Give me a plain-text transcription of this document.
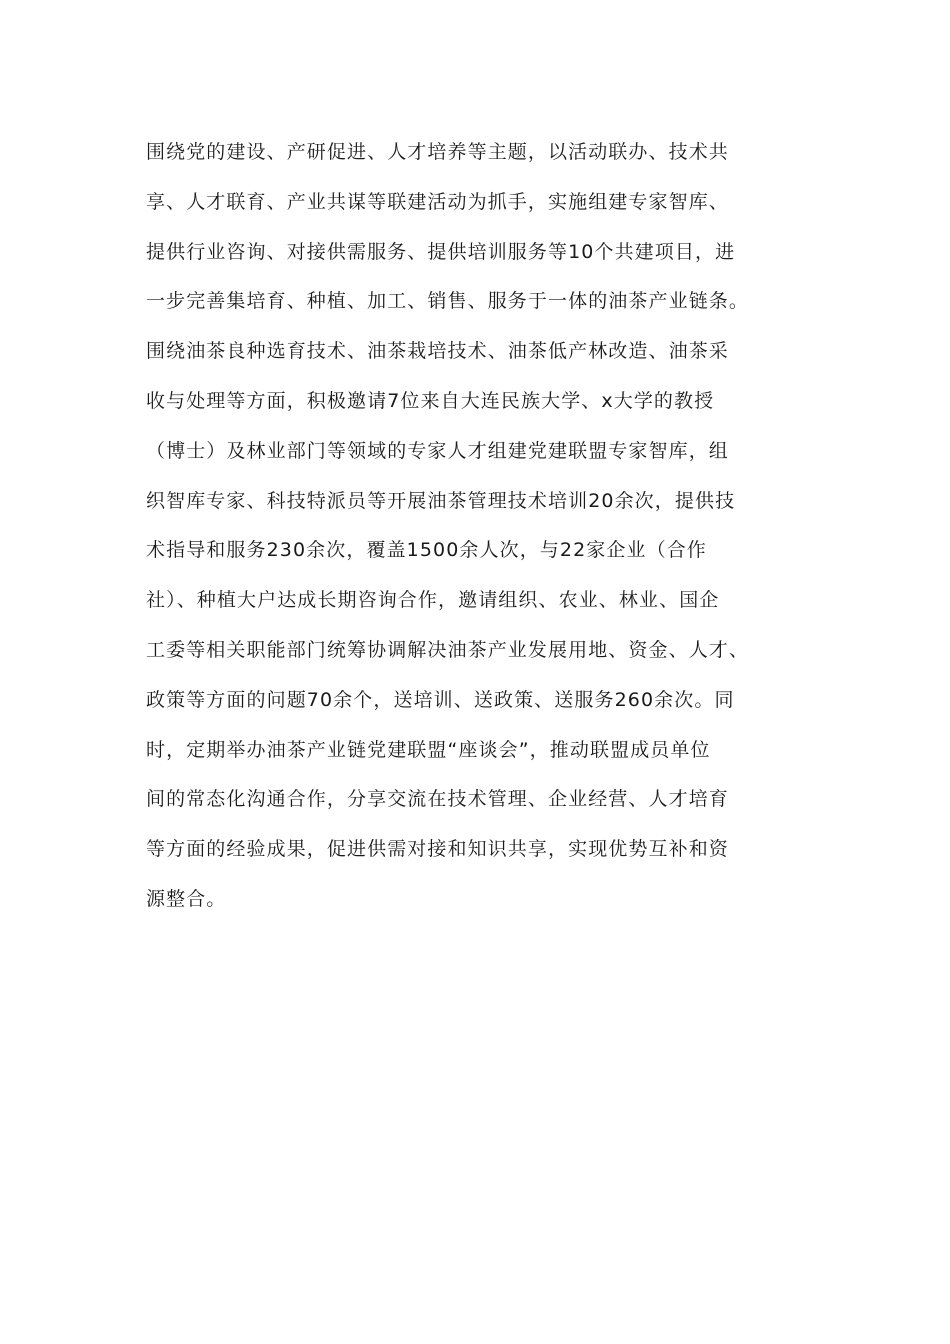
围绕党的建设、产研促进、人才培养等主题，以活动联办、技术共
享、人才联育、产业共谋等联建活动为抓手，实施组建专家智库、
提供行业咨询、对接供需服务、提供培训服务等10个共建项目，进
一步完善集培育、种植、加工、销售、服务于一体的油茶产业链条。
围绕油茶良种选育技术、油茶栽培技术、油茶低产林改造、油茶采
收与处理等方面，积极邀请7位来自大连民族大学、x大学的教授
（博士）及林业部门等领域的专家人才组建党建联盟专家智库，组
织智库专家、科技特派员等开展油茶管理技术培训20余次，提供技
术指导和服务230余次，覆盖1500余人次，与22家企业（合作
社）、种植大户达成长期咨询合作，邀请组织、农业、林业、国企
工委等相关职能部门统筹协调解决油茶产业发展用地、资金、人才、
政策等方面的问题70余个，送培训、送政策、送服务260余次。同
时，定期举办油茶产业链党建联盟“座谈会”，推动联盟成员单位
间的常态化沟通合作，分享交流在技术管理、企业经营、人才培育
等方面的经验成果，促进供需对接和知识共享，实现优势互补和资
源整合。
